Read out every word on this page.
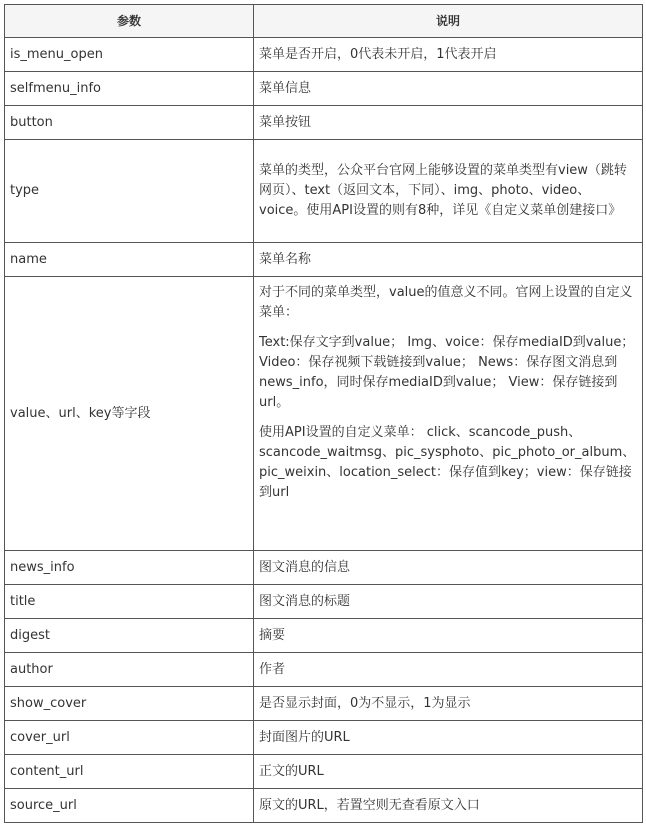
参数	说明
is_menu_open	菜单是否开启，0代表未开启，1代表开启
selfmenu_info	菜单信息
button	菜单按钮
type	菜单的类型，公众平台官网上能够设置的菜单类型有view（跳转网页）、text（返回文本，下同）、img、photo、video、voice。使用API设置的则有8种，详见《自定义菜单创建接口》
name	菜单名称
value、url、key等字段	对于不同的菜单类型，value的值意义不同。官网上设置的自定义菜单：

Text:保存文字到value； Img、voice：保存mediaID到value； Video：保存视频下载链接到value； News：保存图文消息到news_info，同时保存mediaID到value； View：保存链接到url。

使用API设置的自定义菜单： click、scancode_push、scancode_waitmsg、pic_sysphoto、pic_photo_or_album、 pic_weixin、location_select：保存值到key；view：保存链接到url

news_info	图文消息的信息
title	图文消息的标题
digest	摘要
author	作者
show_cover	是否显示封面，0为不显示，1为显示
cover_url	封面图片的URL
content_url	正文的URL
source_url	原文的URL，若置空则无查看原文入口
